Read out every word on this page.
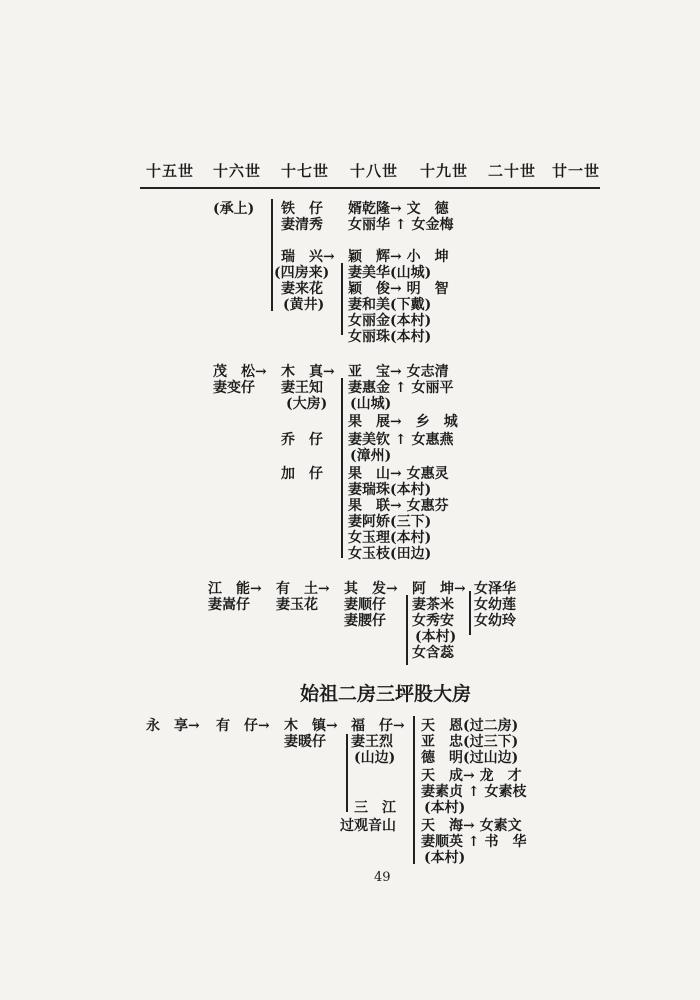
十五世 十六世 十七世 十八世 十九世 二十世 廿一世
(承上) 铁　仔
妻清秀
婿乾隆→ 文　德
女丽华 ↑ 女金梅
瑞　兴→
(四房来)
妻来花
(黄井)
颖　辉→ 小　坤
妻美华(山城)
颖　俊→ 明　智
妻和美(下戴)
女丽金(本村)
女丽珠(本村)
茂　松→
妻变仔
木　真→
妻王知
(大房)
乔　仔
加　仔
亚　宝→ 女志清
妻惠金 ↑ 女丽平
(山城)
果　展→　乡　城
妻美钦 ↑ 女惠燕
(漳州)
果　山→ 女惠灵
妻瑞珠(本村)
果　联→ 女惠芬
妻阿娇(三下)
女玉理(本村)
女玉枝(田边)
江　能→
妻嵩仔
有　土→
妻玉花
其　发→
妻顺仔
妻腰仔
阿　坤→
妻茶米
女秀安
(本村)
女含蕊
女泽华
女幼莲
女幼玲
始祖二房三坪股大房
永　享→ 有　仔→ 木　镇→
妻暖仔
福　仔→
妻王烈
(山边)
三　江
过观音山
天　恩(过二房)
亚　忠(过三下)
德　明(过山边)
天　成→ 龙　才
妻素贞 ↑ 女素枝
(本村)
天　海→ 女素文
妻顺英 ↑ 书　华
(本村)
49
